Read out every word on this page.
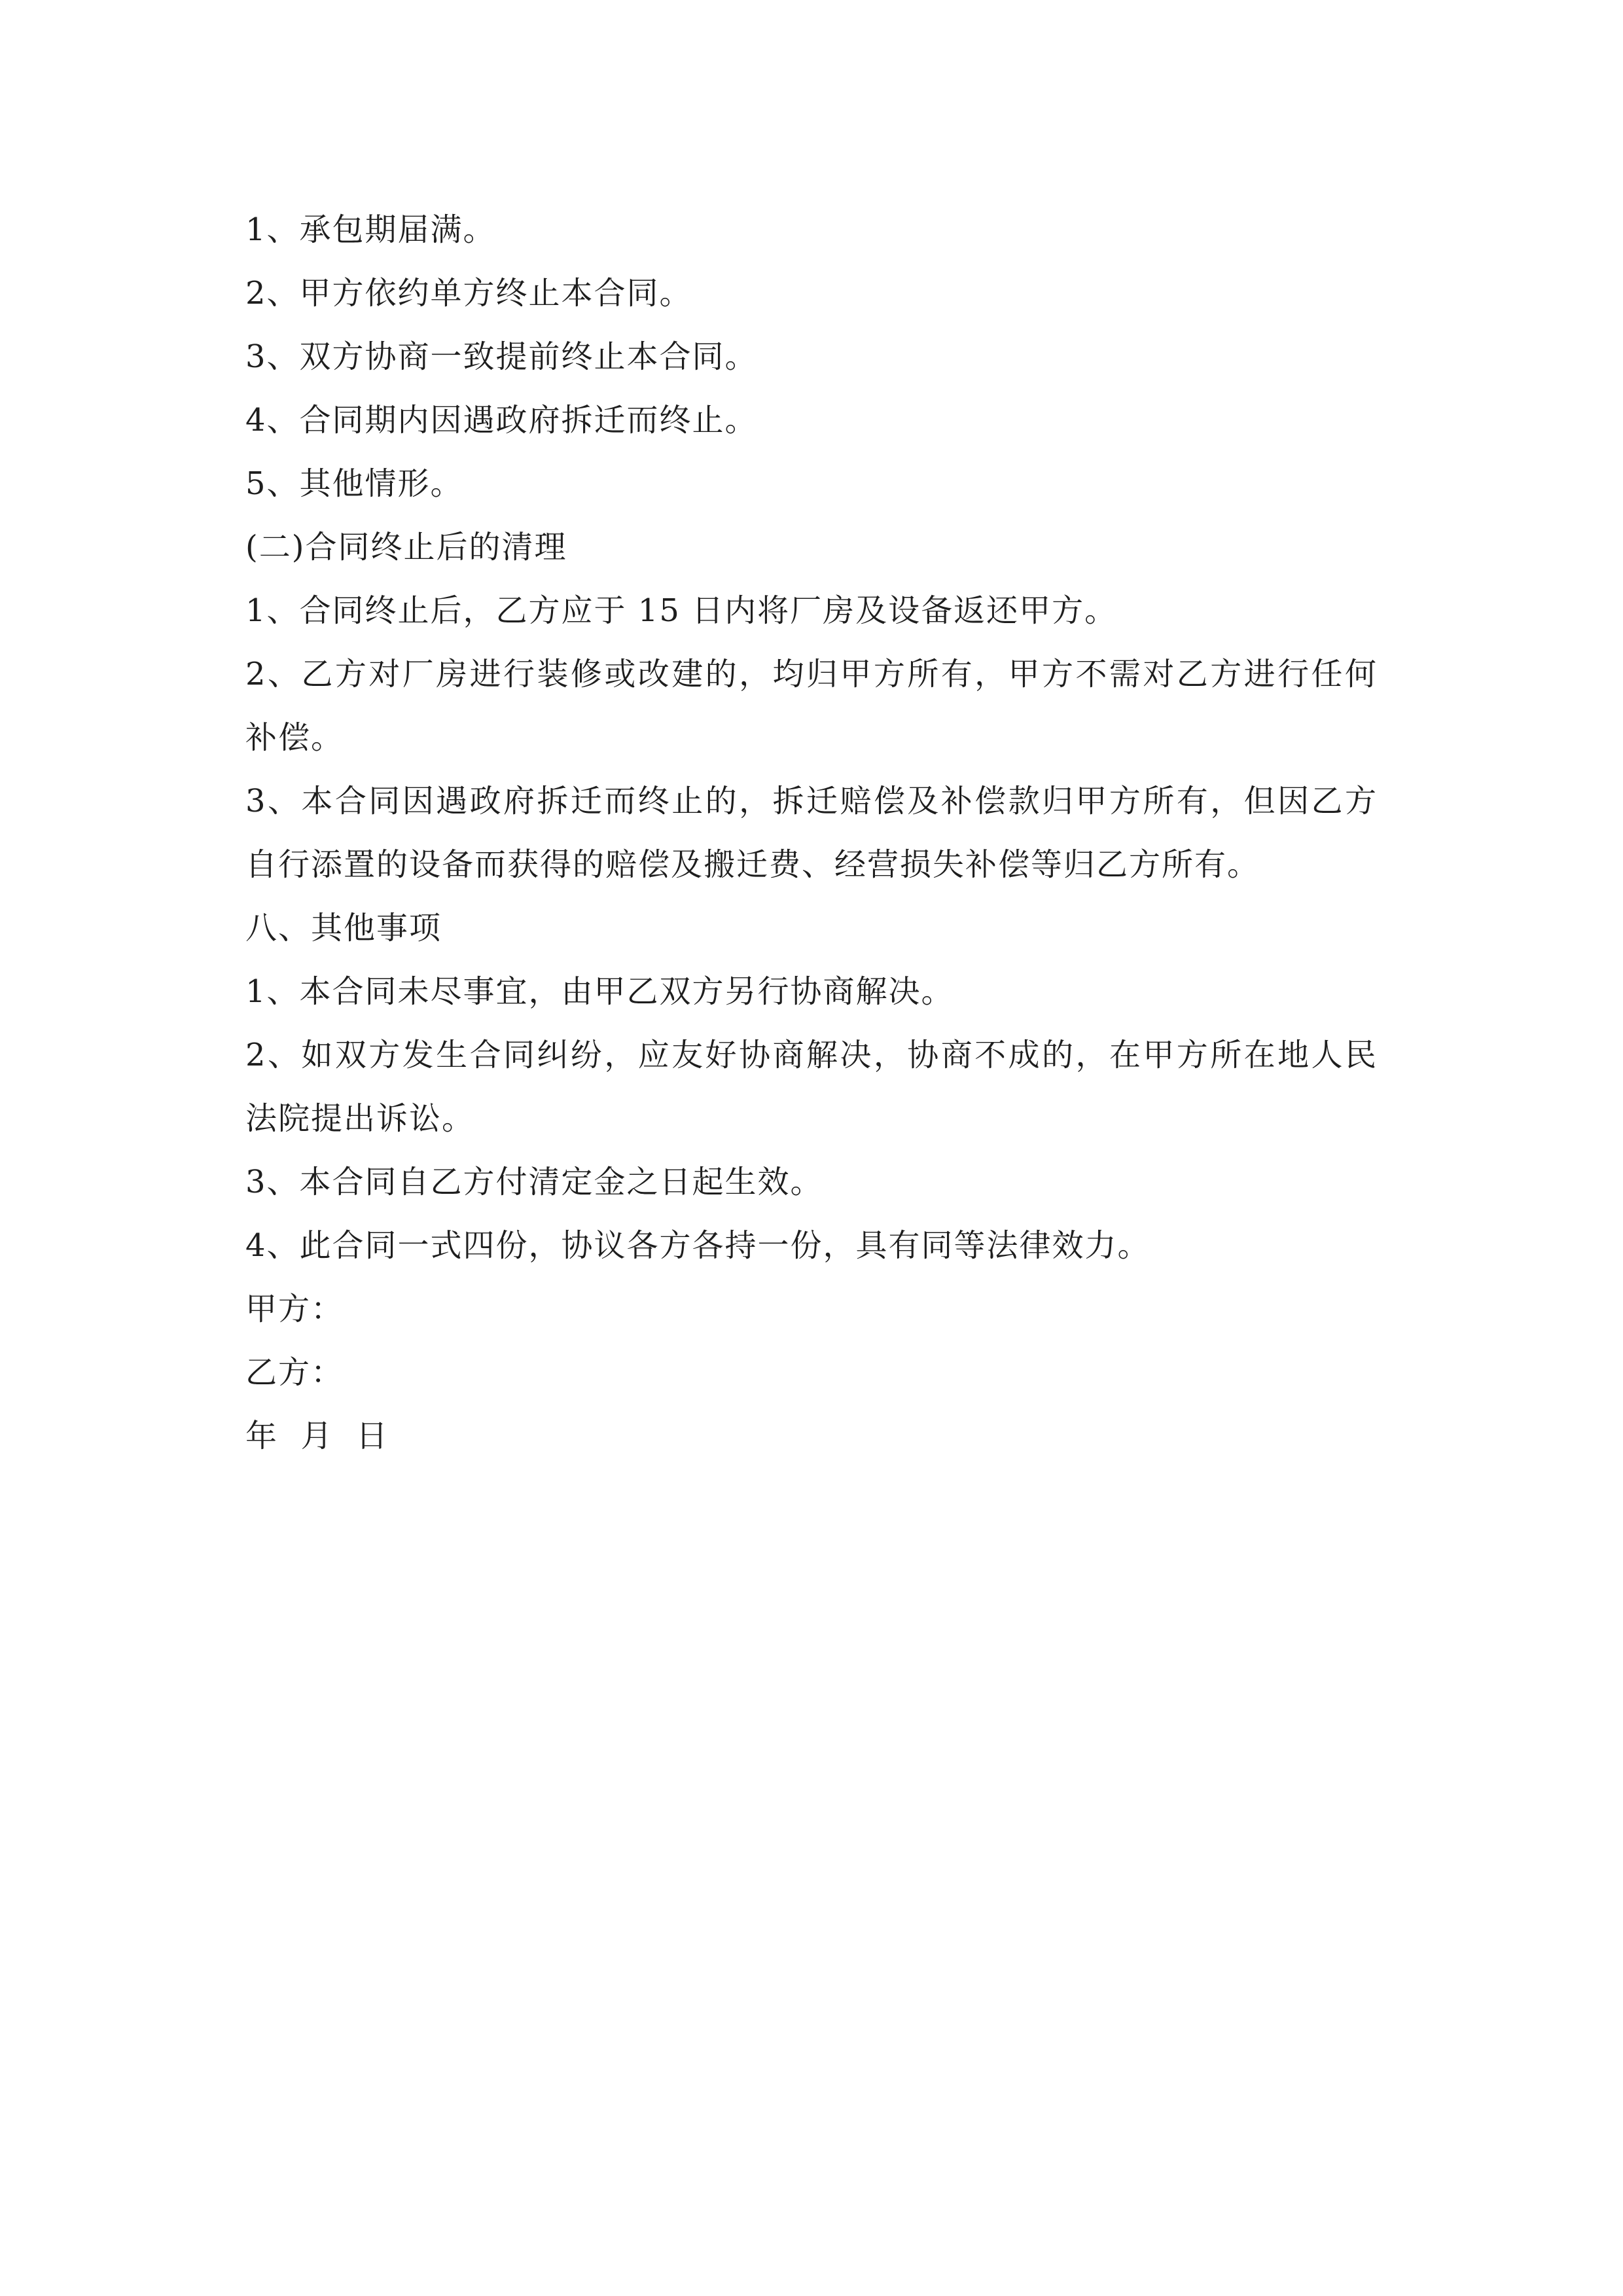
1、承包期届满。

2、甲方依约单方终止本合同。

3、双方协商一致提前终止本合同。

4、合同期内因遇政府拆迁而终止。

5、其他情形。

(二)合同终止后的清理

1、合同终止后，乙方应于 15 日内将厂房及设备返还甲方。

2、乙方对厂房进行装修或改建的，均归甲方所有，甲方不需对乙方进行任何补偿。

3、本合同因遇政府拆迁而终止的，拆迁赔偿及补偿款归甲方所有，但因乙方自行添置的设备而获得的赔偿及搬迁费、经营损失补偿等归乙方所有。

八、其他事项

1、本合同未尽事宜，由甲乙双方另行协商解决。

2、如双方发生合同纠纷，应友好协商解决，协商不成的，在甲方所在地人民法院提出诉讼。

3、本合同自乙方付清定金之日起生效。

4、此合同一式四份，协议各方各持一份，具有同等法律效力。

甲方：

乙方：

年  月  日
